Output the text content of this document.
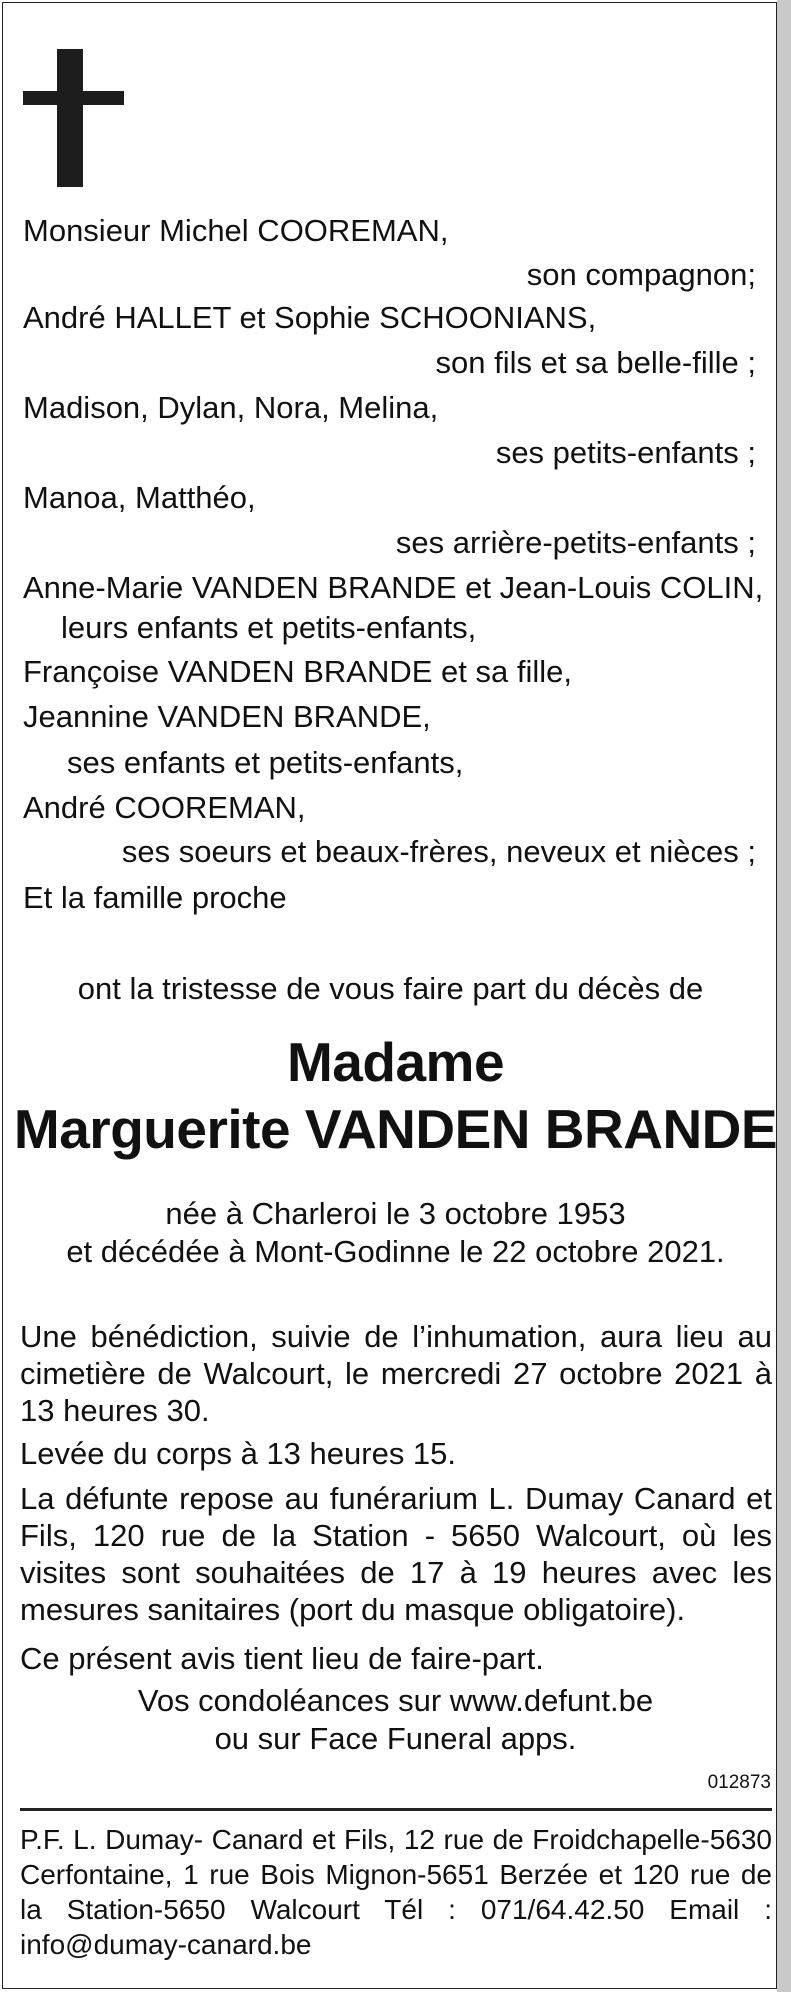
Monsieur Michel COOREMAN,
son compagnon;
André HALLET et Sophie SCHOONIANS,
son fils et sa belle-fille ;
Madison, Dylan, Nora, Melina,
ses petits-enfants ;
Manoa, Matthéo,
ses arrière-petits-enfants ;
Anne-Marie VANDEN BRANDE et Jean-Louis COLIN,
leurs enfants et petits-enfants,
Françoise VANDEN BRANDE et sa fille,
Jeannine VANDEN BRANDE,
ses enfants et petits-enfants,
André COOREMAN,
ses soeurs et beaux-frères, neveux et nièces ;
Et la famille proche
ont la tristesse de vous faire part du décès de
Madame
Marguerite VANDEN BRANDE
née à Charleroi le 3 octobre 1953
et décédée à Mont-Godinne le 22 octobre 2021.
Une bénédiction, suivie de l’inhumation, aura lieu au cimetière de Walcourt, le mercredi 27 octobre 2021 à 13 heures 30.
Levée du corps à 13 heures 15.
La défunte repose au funérarium L. Dumay Canard et Fils, 120 rue de la Station - 5650 Walcourt, où les visites sont souhaitées de 17 à 19 heures avec les mesures sanitaires (port du masque obligatoire).
Ce présent avis tient lieu de faire-part.
Vos condoléances sur www.defunt.be
ou sur Face Funeral apps.
012873
P.F. L. Dumay- Canard et Fils, 12 rue de Froidchapelle-5630 Cerfontaine, 1 rue Bois Mignon-5651 Berzée et 120 rue de la Station-5650 Walcourt Tél : 071/64.42.50 Email : info@dumay-canard.be
